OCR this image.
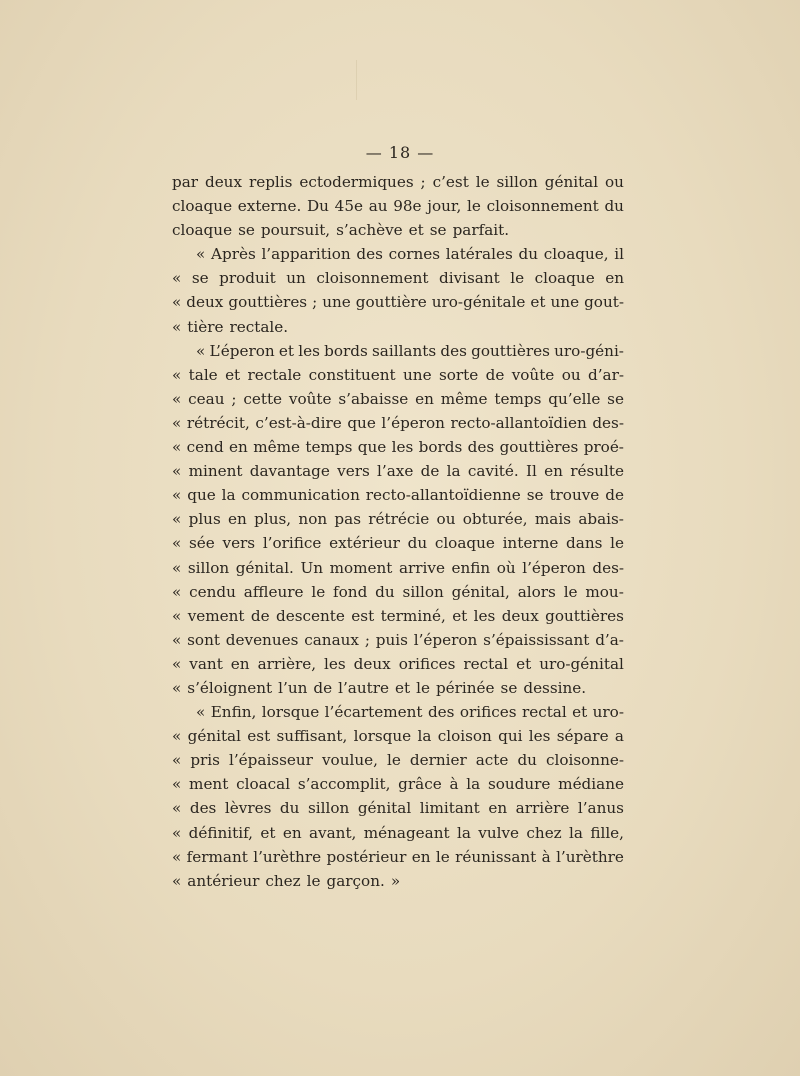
— 18 —
par deux replis ectodermiques ; c’est le sillon génital ou
cloaque externe. Du 45e au 98e jour, le cloisonnement du
cloaque se poursuit, s’achève et se parfait.
« Après l’apparition des cornes latérales du cloaque, il
« se produit un cloisonnement divisant le cloaque en
« deux gouttières ; une gouttière uro-génitale et une gout-
« tière rectale.
« L’éperon et les bords saillants des gouttières uro-géni-
« tale et rectale constituent une sorte de voûte ou d’ar-
« ceau ; cette voûte s’abaisse en même temps qu’elle se
« rétrécit, c’est-à-dire que l’éperon recto-allantoïdien des-
« cend en même temps que les bords des gouttières proé-
« minent davantage vers l’axe de la cavité. Il en résulte
« que la communication recto-allantoïdienne se trouve de
« plus en plus, non pas rétrécie ou obturée, mais abais-
« sée vers l’orifice extérieur du cloaque interne dans le
« sillon génital. Un moment arrive enfin où l’éperon des-
« cendu affleure le fond du sillon génital, alors le mou-
« vement de descente est terminé, et les deux gouttières
« sont devenues canaux ; puis l’éperon s’épaississant d’a-
« vant en arrière, les deux orifices rectal et uro-génital
« s’éloignent l’un de l’autre et le périnée se dessine.
« Enfin, lorsque l’écartement des orifices rectal et uro-
« génital est suffisant, lorsque la cloison qui les sépare a
« pris l’épaisseur voulue, le dernier acte du cloisonne-
« ment cloacal s’accomplit, grâce à la soudure médiane
« des lèvres du sillon génital limitant en arrière l’anus
« définitif, et en avant, ménageant la vulve chez la fille,
« fermant l’urèthre postérieur en le réunissant à l’urèthre
« antérieur chez le garçon. »
